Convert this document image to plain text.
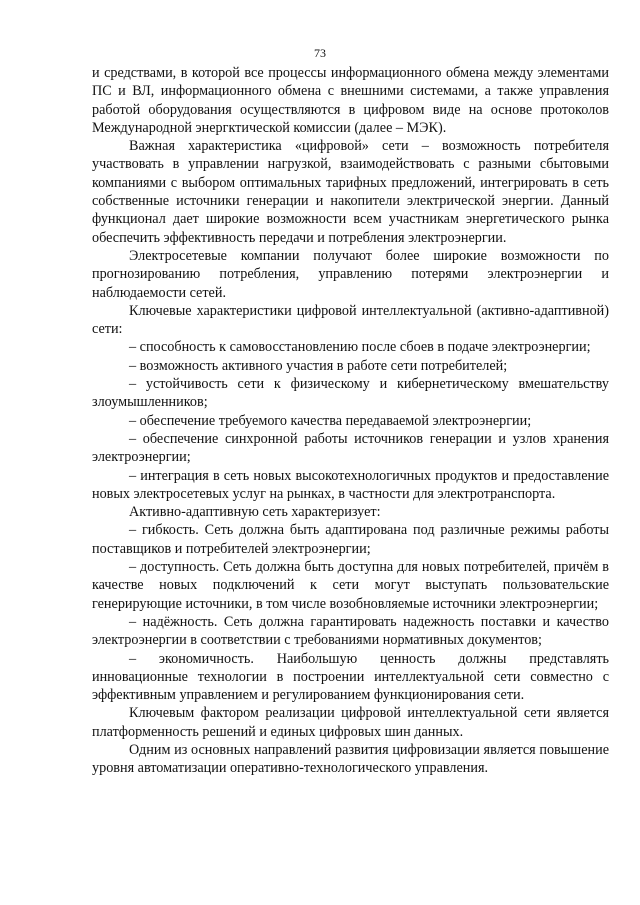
73

и средствами, в которой все процессы информационного обмена между элементами ПС и ВЛ, информационного обмена с внешними системами, а также управления работой оборудования осуществляются в цифровом виде на основе протоколов Международной энергктической комиссии (далее – МЭК).

Важная характеристика «цифровой» сети – возможность потребителя участвовать в управлении нагрузкой, взаимодействовать с разными сбытовыми компаниями с выбором оптимальных тарифных предложений, интегрировать в сеть собственные источники генерации и накопители электрической энергии. Данный функционал дает широкие возможности всем участникам энергетического рынка обеспечить эффективность передачи и потребления электроэнергии.

Электросетевые компании получают более широкие возможности по прогнозированию потребления, управлению потерями электроэнергии и наблюдаемости сетей.

Ключевые характеристики цифровой интеллектуальной (активно-адаптивной) сети:

– способность к самовосстановлению после сбоев в подаче электроэнергии;

– возможность активного участия в работе сети потребителей;

– устойчивость сети к физическому и кибернетическому вмешательству злоумышленников;

– обеспечение требуемого качества передаваемой электроэнергии;

– обеспечение синхронной работы источников генерации и узлов хранения электроэнергии;

– интеграция в сеть новых высокотехнологичных продуктов и предоставление новых электросетевых услуг на рынках, в частности для электротранспорта.

Активно-адаптивную сеть характеризует:

– гибкость. Сеть должна быть адаптирована под различные режимы работы поставщиков и потребителей электроэнергии;

– доступность. Сеть должна быть доступна для новых потребителей, причём в качестве новых подключений к сети могут выступать пользовательские генерирующие источники, в том числе возобновляемые источники электроэнергии;

– надёжность. Сеть должна гарантировать надежность поставки и качество электроэнергии в соответствии с требованиями нормативных документов;

– экономичность. Наибольшую ценность должны представлять инновационные технологии в построении интеллектуальной сети совместно с эффективным управлением и регулированием функционирования сети.

Ключевым фактором реализации цифровой интеллектуальной сети является платформенность решений и единых цифровых шин данных.

Одним из основных направлений развития цифровизации является повышение уровня автоматизации оперативно-технологического управления.
